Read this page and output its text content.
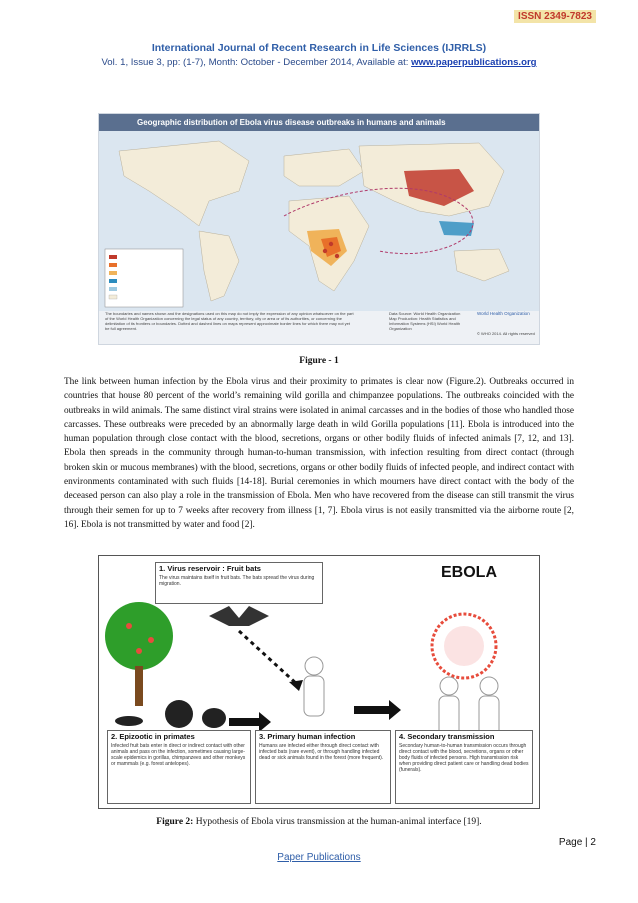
ISSN 2349-7823
International Journal of Recent Research in Life Sciences (IJRRLS)
Vol. 1, Issue 3, pp: (1-7), Month: October - December 2014, Available at: www.paperpublications.org
Geographic distribution of Ebola virus disease outbreaks in humans and animals
The boundaries and names shown and the designations used on this map do not imply the expression of any opinion whatsoever on the part of the World Health Organization concerning the legal status of any country, territory, city or area or of its authorities, or concerning the delimitation of its frontiers or boundaries. Dotted and dashed lines on maps represent approximate border lines for which there may not yet be full agreement.
Data Source: World Health Organization Map Production: Health Statistics and Information Systems (HSI) World Health Organization
World Health Organization
© WHO 2014. All rights reserved
Figure - 1
The link between human infection by the Ebola virus and their proximity to primates is clear now (Figure.2). Outbreaks occurred in countries that house 80 percent of the world’s remaining wild gorilla and chimpanzee populations. The outbreaks coincided with the outbreaks in wild animals. The same distinct viral strains were isolated in animal carcasses and in the bodies of those who handled those carcasses. These outbreaks were preceded by an abnormally large death in wild Gorilla populations [11]. Ebola is introduced into the human population through close contact with the blood, secretions, organs or other bodily fluids of infected animals [7, 12, and 13]. Ebola then spreads in the community through human-to-human transmission, with infection resulting from direct contact (through broken skin or mucous membranes) with the blood, secretions, organs or other bodily fluids of infected people, and indirect contact with environments contaminated with such fluids [14-18]. Burial ceremonies in which mourners have direct contact with the body of the deceased person can also play a role in the transmission of Ebola. Men who have recovered from the disease can still transmit the virus through their semen for up to 7 weeks after recovery from illness [1, 7]. Ebola virus is not easily transmitted via the airborne route [2, 16]. Ebola is not transmitted by water and food [2].
1. Virus reservoir : Fruit bats
The virus maintains itself in fruit bats. The bats spread the virus during migration.
EBOLA
2. Epizootic in primates
Infected fruit bats enter in direct or indirect contact with other animals and pass on the infection, sometimes causing large-scale epidemics in gorillas, chimpanzees and other monkeys or mammals (e.g. forest antelopes).
3. Primary human infection
Humans are infected either through direct contact with infected bats (rare event), or through handling infected dead or sick animals found in the forest (more frequent).
4. Secondary transmission
Secondary human-to-human transmission occurs through direct contact with the blood, secretions, organs or other body fluids of infected persons. High transmission risk when providing direct patient care or handling dead bodies (funerals).
Figure 2: Hypothesis of Ebola virus transmission at the human-animal interface [19].
Page | 2
Paper Publications
